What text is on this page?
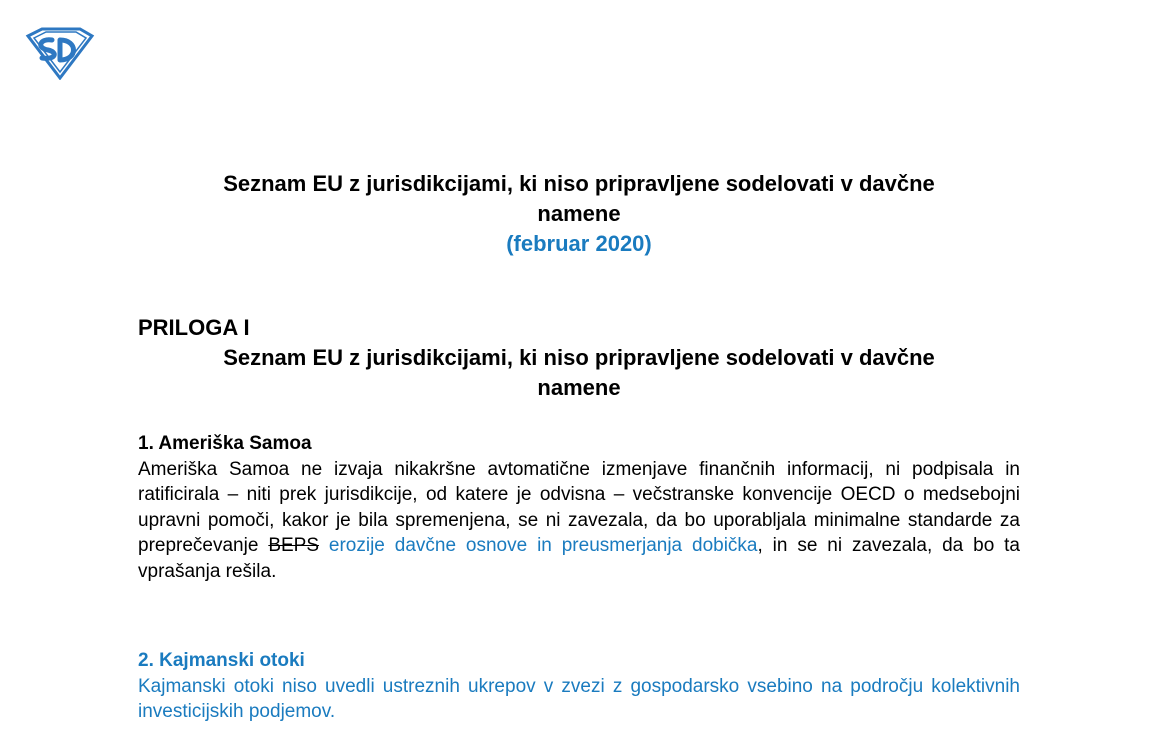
Seznam EU z jurisdikcijami, ki niso pripravljene sodelovati v davčne
namene
(februar 2020)
PRILOGA I
Seznam EU z jurisdikcijami, ki niso pripravljene sodelovati v davčne
namene
1. Ameriška Samoa

Ameriška Samoa ne izvaja nikakršne avtomatične izmenjave finančnih informacij, ni podpisala in ratificirala – niti prek jurisdikcije, od katere je odvisna – večstranske konvencije OECD o medsebojni upravni pomoči, kakor je bila spremenjena, se ni zavezala, da bo uporabljala minimalne standarde za preprečevanje BEPS erozije davčne osnove in preusmerjanja dobička, in se ni zavezala, da bo ta vprašanja rešila.

2. Kajmanski otoki

Kajmanski otoki niso uvedli ustreznih ukrepov v zvezi z gospodarsko vsebino na področju kolektivnih investicijskih podjemov.
